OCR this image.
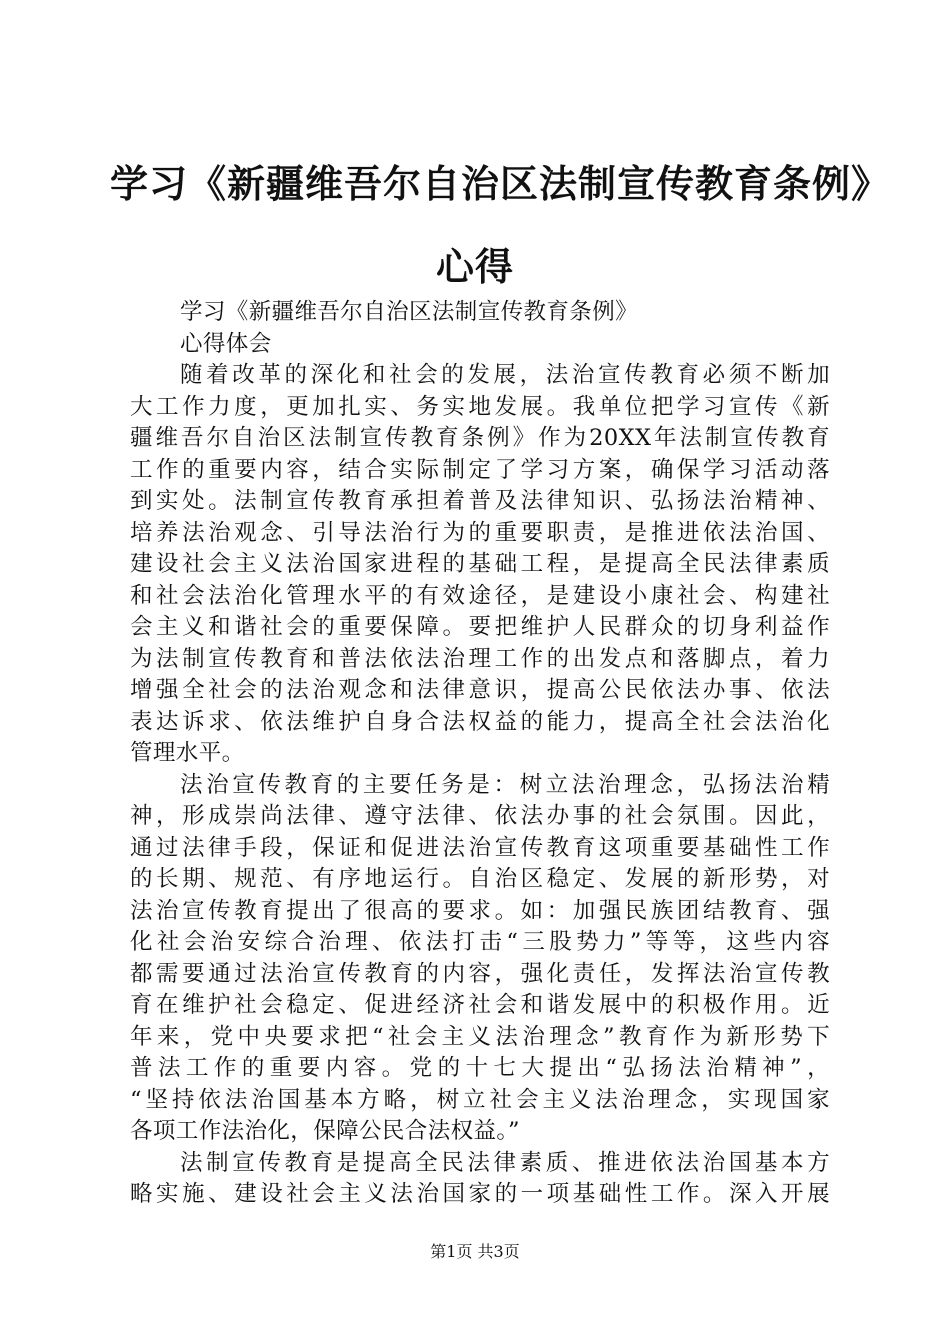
学习《新疆维吾尔自治区法制宣传教育条例》
心得
学习《新疆维吾尔自治区法制宣传教育条例》
心得体会
随着改革的深化和社会的发展，法治宣传教育必须不断加
大工作力度，更加扎实、务实地发展。我单位把学习宣传《新
疆维吾尔自治区法制宣传教育条例》作为20XX年法制宣传教育
工作的重要内容，结合实际制定了学习方案，确保学习活动落
到实处。法制宣传教育承担着普及法律知识、弘扬法治精神、
培养法治观念、引导法治行为的重要职责，是推进依法治国、
建设社会主义法治国家进程的基础工程，是提高全民法律素质
和社会法治化管理水平的有效途径，是建设小康社会、构建社
会主义和谐社会的重要保障。要把维护人民群众的切身利益作
为法制宣传教育和普法依法治理工作的出发点和落脚点，着力
增强全社会的法治观念和法律意识，提高公民依法办事、依法
表达诉求、依法维护自身合法权益的能力，提高全社会法治化
管理水平。
法治宣传教育的主要任务是：树立法治理念，弘扬法治精
神，形成崇尚法律、遵守法律、依法办事的社会氛围。因此，
通过法律手段，保证和促进法治宣传教育这项重要基础性工作
的长期、规范、有序地运行。自治区稳定、发展的新形势，对
法治宣传教育提出了很高的要求。如：加强民族团结教育、强
化社会治安综合治理、依法打击“三股势力”等等，这些内容
都需要通过法治宣传教育的内容，强化责任，发挥法治宣传教
育在维护社会稳定、促进经济社会和谐发展中的积极作用。近
年来，党中央要求把“社会主义法治理念”教育作为新形势下
普法工作的重要内容。党的十七大提出“弘扬法治精神”，
“坚持依法治国基本方略，树立社会主义法治理念，实现国家
各项工作法治化，保障公民合法权益。”
法制宣传教育是提高全民法律素质、推进依法治国基本方
略实施、建设社会主义法治国家的一项基础性工作。深入开展
第1页 共3页
